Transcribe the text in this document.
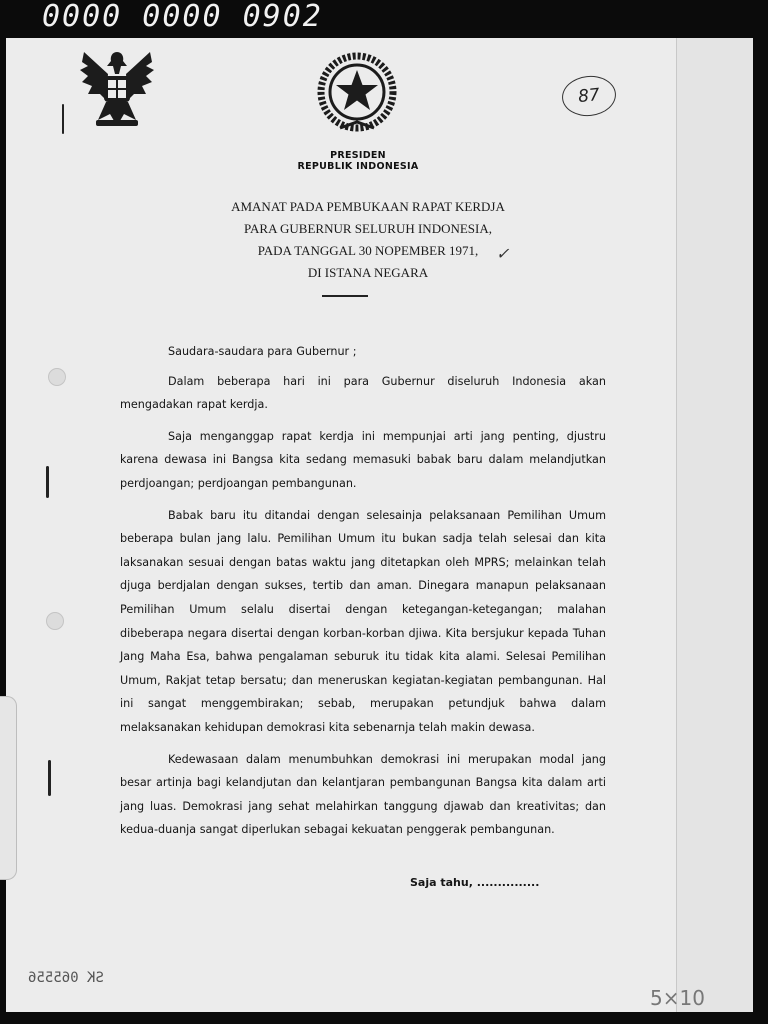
0000 0000 0902
87
PRESIDEN
REPUBLIK INDONESIA
AMANAT PADA PEMBUKAAN RAPAT KERDJA
PARA GUBERNUR SELURUH INDONESIA,
PADA TANGGAL 30 NOPEMBER 1971,
DI ISTANA NEGARA
✓

Saudara-saudara para Gubernur ;

Dalam beberapa hari ini para Gubernur diseluruh Indonesia akan mengadakan rapat kerdja.

Saja menganggap rapat kerdja ini mempunjai arti jang penting, djustru karena dewasa ini Bangsa kita sedang memasuki babak baru dalam melandjutkan perdjoangan; perdjoangan pembangunan.

Babak baru itu ditandai dengan selesainja pelaksanaan Pemilihan Umum beberapa bulan jang lalu. Pemilihan Umum itu bukan sadja telah selesai dan kita laksanakan sesuai dengan batas waktu jang ditetapkan oleh MPRS; melainkan telah djuga berdjalan dengan sukses, tertib dan aman. Dinegara manapun pelaksanaan Pemilihan Umum selalu disertai dengan ketegangan-ketegangan; malahan dibeberapa negara disertai dengan korban-korban djiwa. Kita bersjukur kepada Tuhan Jang Maha Esa, bahwa pengalaman seburuk itu tidak kita alami. Selesai Pemilihan Umum, Rakjat tetap bersatu; dan meneruskan kegiatan-kegiatan pembangunan. Hal ini sangat menggembirakan; sebab, merupakan petundjuk bahwa dalam melaksanakan kehidupan demokrasi kita sebenarnja telah makin dewasa.

Kedewasaan dalam menumbuhkan demokrasi ini merupakan modal jang besar artinja bagi kelandjutan dan kelantjaran pembangunan Bangsa kita dalam arti jang luas. Demokrasi jang sehat melahirkan tanggung djawab dan kreativitas; dan kedua-duanja sangat diperlukan sebagai kekuatan penggerak pembangunan.

Saja tahu, ...............
SK 065556
5×10
